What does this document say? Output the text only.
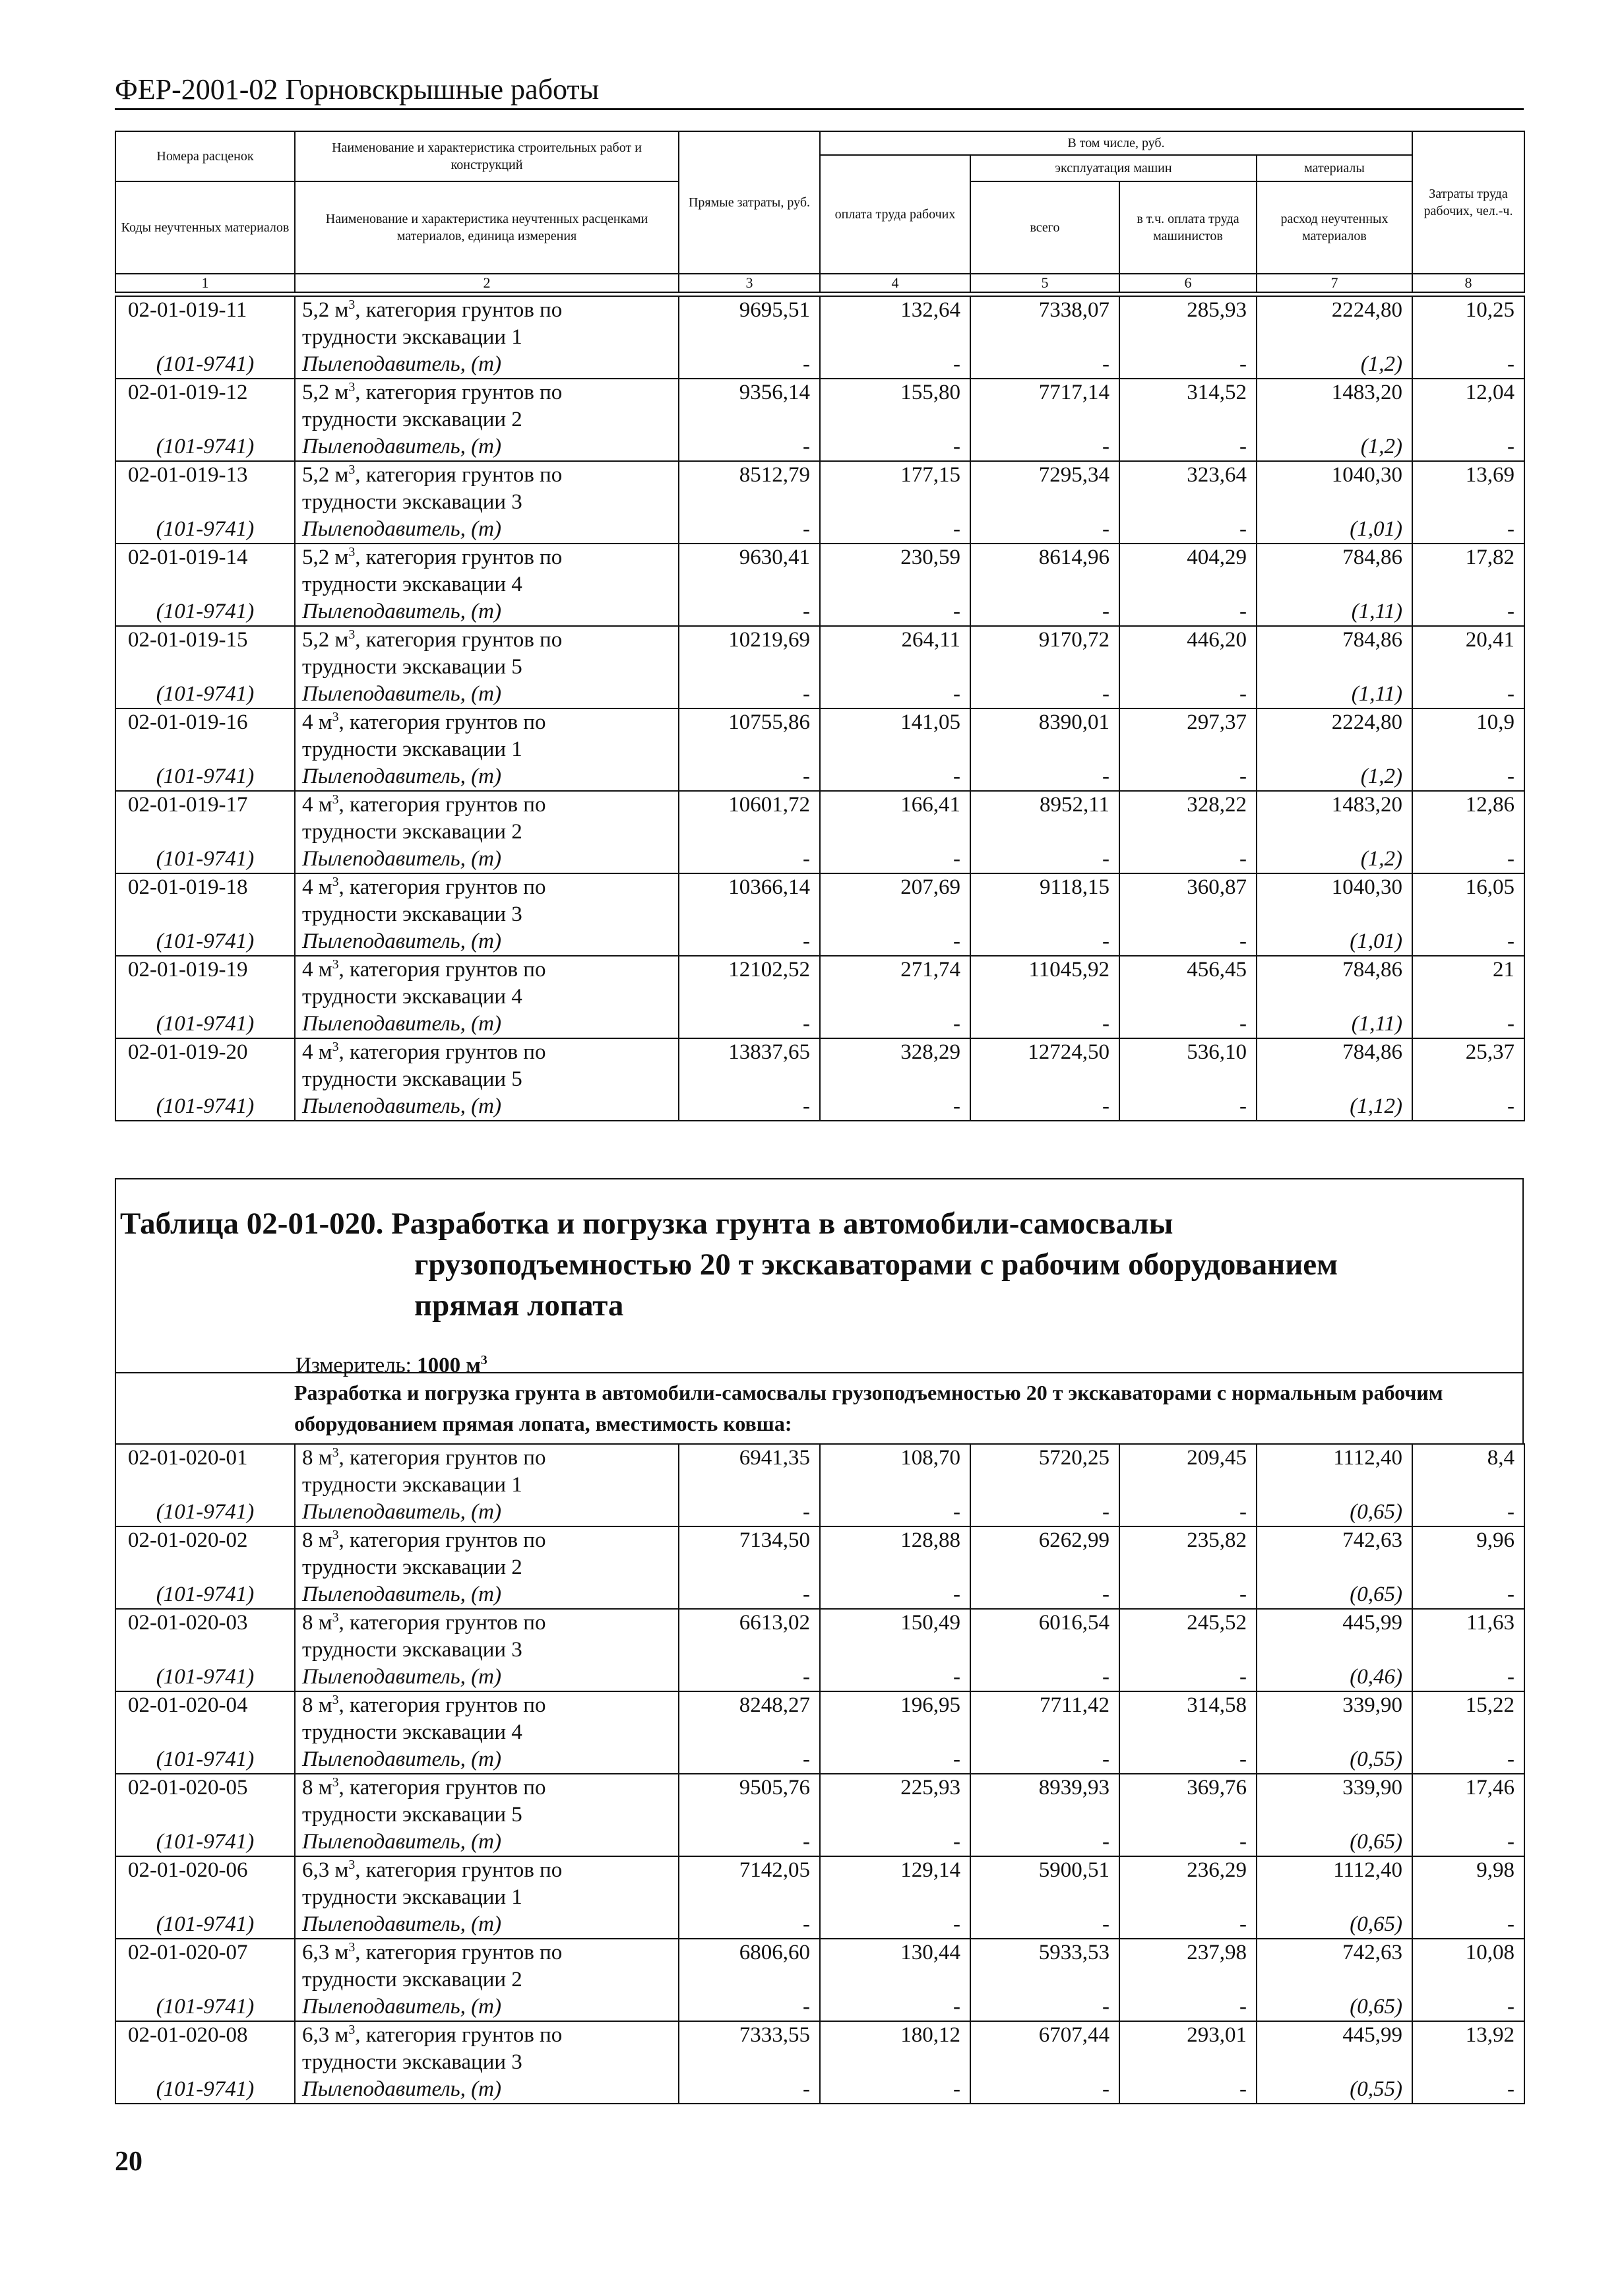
ФЕР-2001-02 Горновскрышные работы
Номера расценок	Наименование и характеристика строительных работ и конструкций	Прямые затраты, руб.	В том числе, руб.				Затраты труда рабочих, чел.-ч.
			оплата труда рабочих	эксплуатация машин		материалы	
Коды неучтенных материалов	Наименование и характеристика неучтенных расценками материалов, единица измерения			всего	в т.ч. оплата труда машинистов	расход неучтенных материалов	

1	2	3	4	5	6	7	8
02-01-019-11	5,2 $м^3$, категория грунтов по	9695,51	132,64	7338,07	285,93	2224,80	10,25
	трудности экскавации 1						
(101-9741)	Пылеподавитель, (т)	-	-	-	-	(1,2)	-
02-01-019-12	5,2 $м^3$, категория грунтов по	9356,14	155,80	7717,14	314,52	1483,20	12,04
	трудности экскавации 2						
(101-9741)	Пылеподавитель, (т)	-	-	-	-	(1,2)	-
02-01-019-13	5,2 $м^3$, категория грунтов по	8512,79	177,15	7295,34	323,64	1040,30	13,69
	трудности экскавации 3						
(101-9741)	Пылеподавитель, (т)	-	-	-	-	(1,01)	-
02-01-019-14	5,2 $м^3$, категория грунтов по	9630,41	230,59	8614,96	404,29	784,86	17,82
	трудности экскавации 4						
(101-9741)	Пылеподавитель, (т)	-	-	-	-	(1,11)	-
02-01-019-15	5,2 $м^3$, категория грунтов по	10219,69	264,11	9170,72	446,20	784,86	20,41
	трудности экскавации 5						
(101-9741)	Пылеподавитель, (т)	-	-	-	-	(1,11)	-
02-01-019-16	4 $м^3$, категория грунтов по	10755,86	141,05	8390,01	297,37	2224,80	10,9
	трудности экскавации 1						
(101-9741)	Пылеподавитель, (т)	-	-	-	-	(1,2)	-
02-01-019-17	4 $м^3$, категория грунтов по	10601,72	166,41	8952,11	328,22	1483,20	12,86
	трудности экскавации 2						
(101-9741)	Пылеподавитель, (т)	-	-	-	-	(1,2)	-
02-01-019-18	4 $м^3$, категория грунтов по	10366,14	207,69	9118,15	360,87	1040,30	16,05
	трудности экскавации 3						
(101-9741)	Пылеподавитель, (т)	-	-	-	-	(1,01)	-
02-01-019-19	4 $м^3$, категория грунтов по	12102,52	271,74	11045,92	456,45	784,86	21
	трудности экскавации 4						
(101-9741)	Пылеподавитель, (т)	-	-	-	-	(1,11)	-
02-01-019-20	4 $м^3$, категория грунтов по	13837,65	328,29	12724,50	536,10	784,86	25,37
	трудности экскавации 5						
(101-9741)	Пылеподавитель, (т)	-	-	-	-	(1,12)	-
Таблица 02-01-020. Разработка и погрузка грунта в автомобили-самосвалы
грузоподъемностью 20 т экскаваторами с рабочим оборудованием
прямая лопата
Измеритель: 1000 $м^3$
Разработка и погрузка грунта в автомобили-самосвалы грузоподъемностью 20 т экскаваторами с нормальным рабочим оборудованием прямая лопата, вместимость ковша:
02-01-020-01	8 $м^3$, категория грунтов по	6941,35	108,70	5720,25	209,45	1112,40	8,4
	трудности экскавации 1						
(101-9741)	Пылеподавитель, (т)	-	-	-	-	(0,65)	-
02-01-020-02	8 $м^3$, категория грунтов по	7134,50	128,88	6262,99	235,82	742,63	9,96
	трудности экскавации 2						
(101-9741)	Пылеподавитель, (т)	-	-	-	-	(0,65)	-
02-01-020-03	8 $м^3$, категория грунтов по	6613,02	150,49	6016,54	245,52	445,99	11,63
	трудности экскавации 3						
(101-9741)	Пылеподавитель, (т)	-	-	-	-	(0,46)	-
02-01-020-04	8 $м^3$, категория грунтов по	8248,27	196,95	7711,42	314,58	339,90	15,22
	трудности экскавации 4						
(101-9741)	Пылеподавитель, (т)	-	-	-	-	(0,55)	-
02-01-020-05	8 $м^3$, категория грунтов по	9505,76	225,93	8939,93	369,76	339,90	17,46
	трудности экскавации 5						
(101-9741)	Пылеподавитель, (т)	-	-	-	-	(0,65)	-
02-01-020-06	6,3 $м^3$, категория грунтов по	7142,05	129,14	5900,51	236,29	1112,40	9,98
	трудности экскавации 1						
(101-9741)	Пылеподавитель, (т)	-	-	-	-	(0,65)	-
02-01-020-07	6,3 $м^3$, категория грунтов по	6806,60	130,44	5933,53	237,98	742,63	10,08
	трудности экскавации 2						
(101-9741)	Пылеподавитель, (т)	-	-	-	-	(0,65)	-
02-01-020-08	6,3 $м^3$, категория грунтов по	7333,55	180,12	6707,44	293,01	445,99	13,92
	трудности экскавации 3						
(101-9741)	Пылеподавитель, (т)	-	-	-	-	(0,55)	-
20
